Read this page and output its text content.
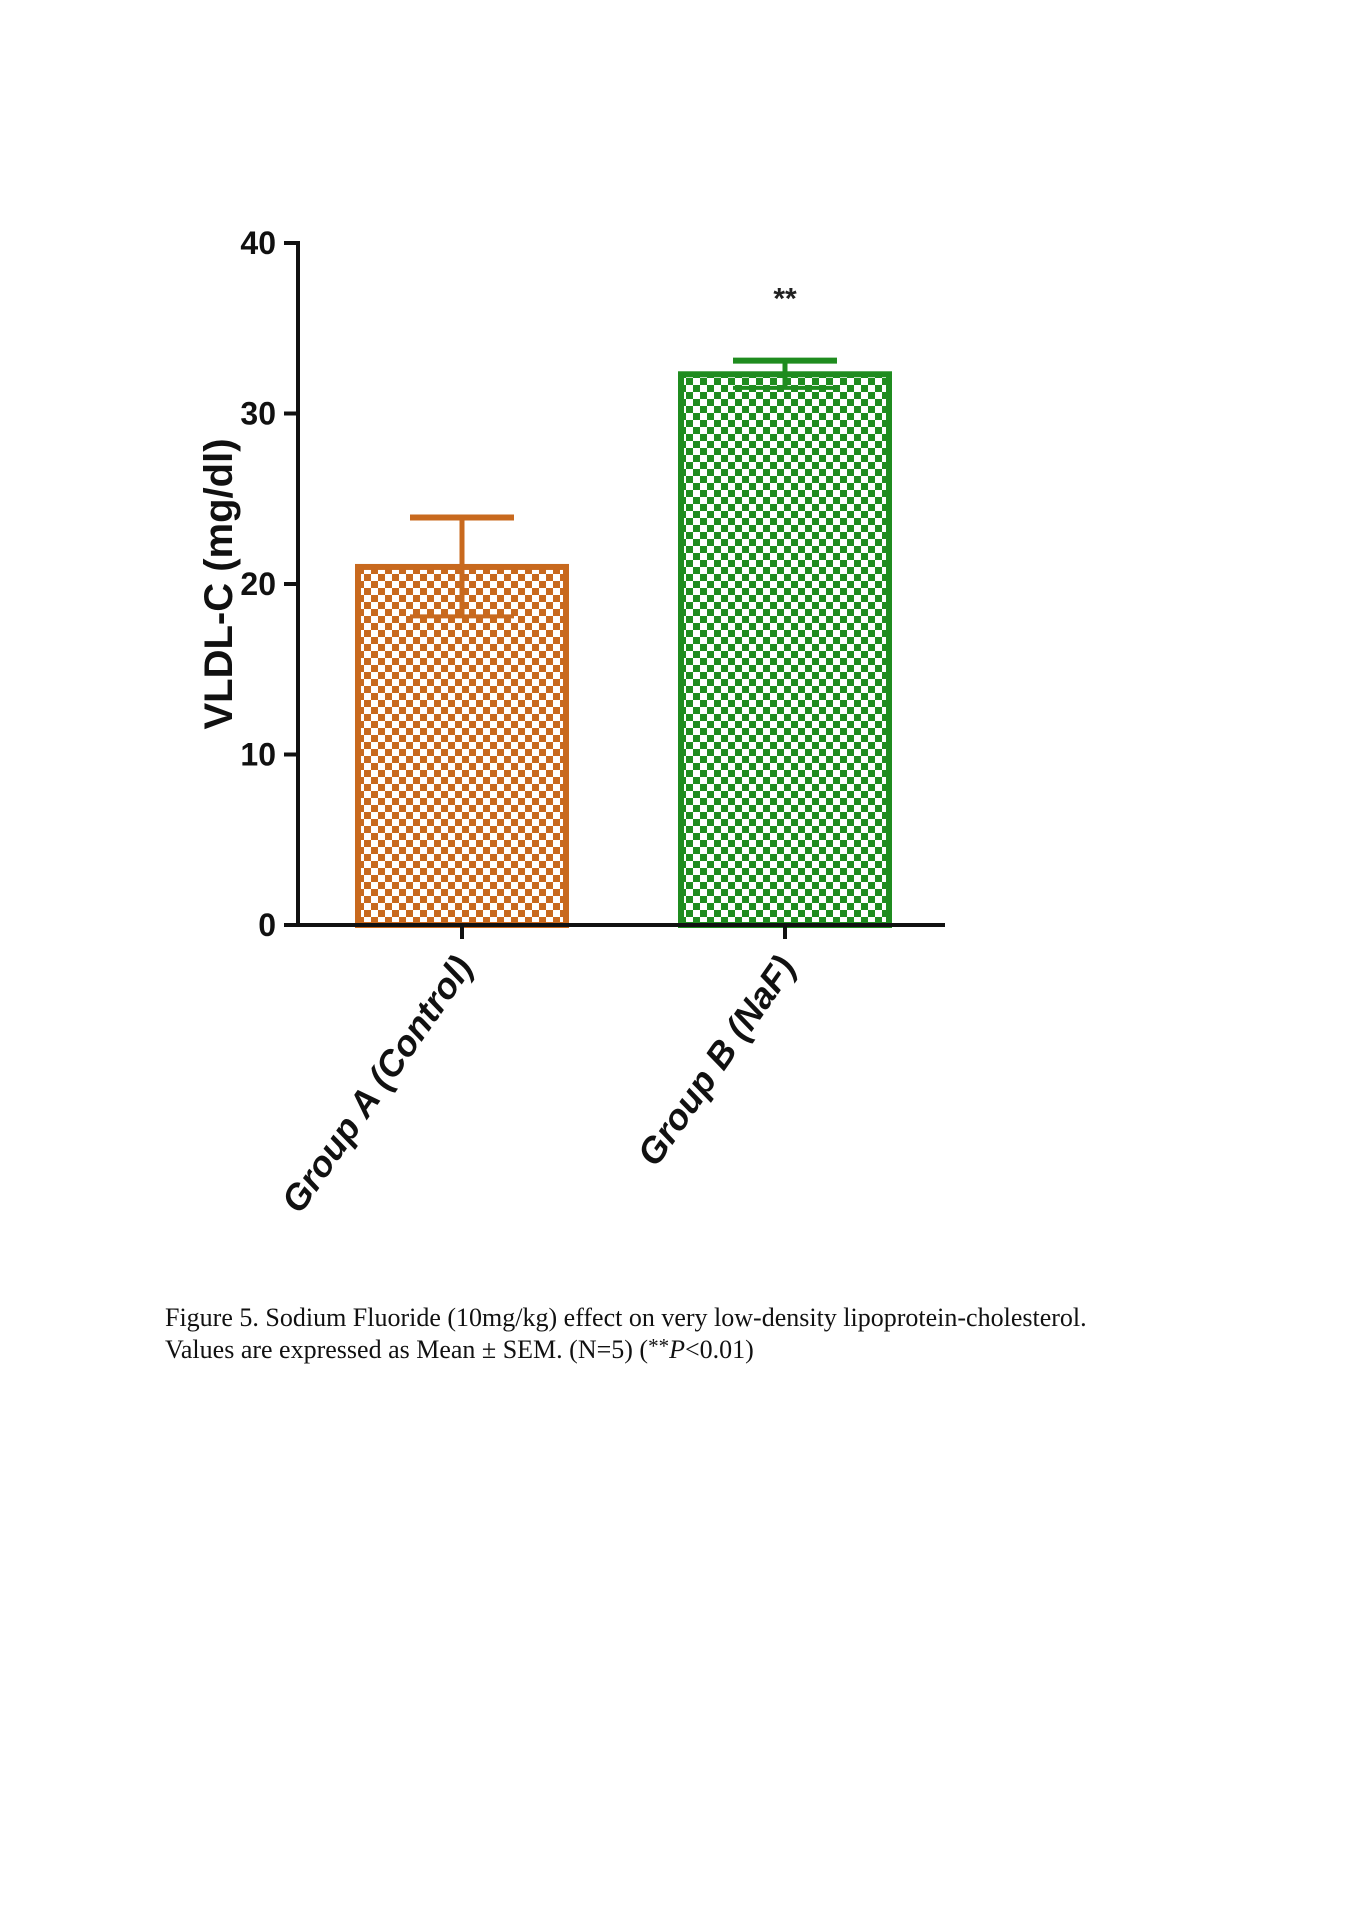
0
10
20
30
40
**
Group A (Control)	Group B (NaF)
VLDL-C (mg/dl)

Figure 5. Sodium Fluoride (10mg/kg) effect on very low-density lipoprotein-cholesterol.

Values are expressed as Mean ± SEM. (N=5) (**P<0.01)
